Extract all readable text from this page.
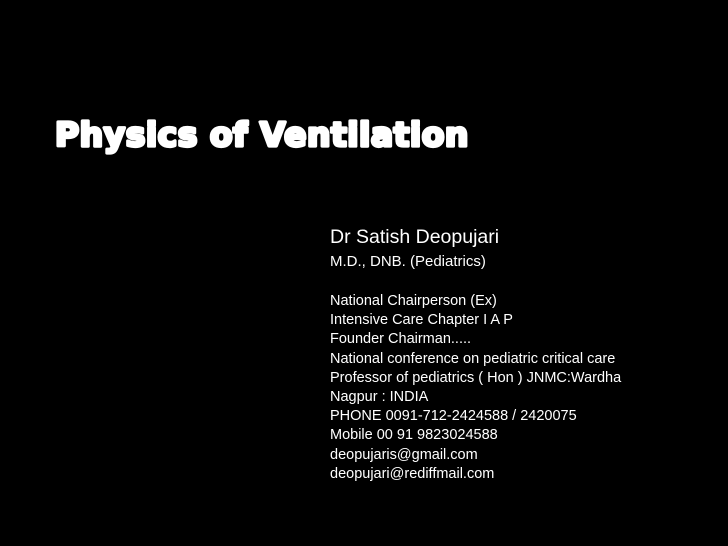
Physics of Ventilation
Dr Satish Deopujari
M.D., DNB. (Pediatrics)
National Chairperson (Ex)
Intensive Care Chapter I A P
Founder Chairman.....
National conference on pediatric critical care
Professor of pediatrics ( Hon ) JNMC:Wardha
Nagpur : INDIA
PHONE 0091-712-2424588 / 2420075
Mobile 00 91 9823024588
deopujaris@gmail.com
deopujari@rediffmail.com
